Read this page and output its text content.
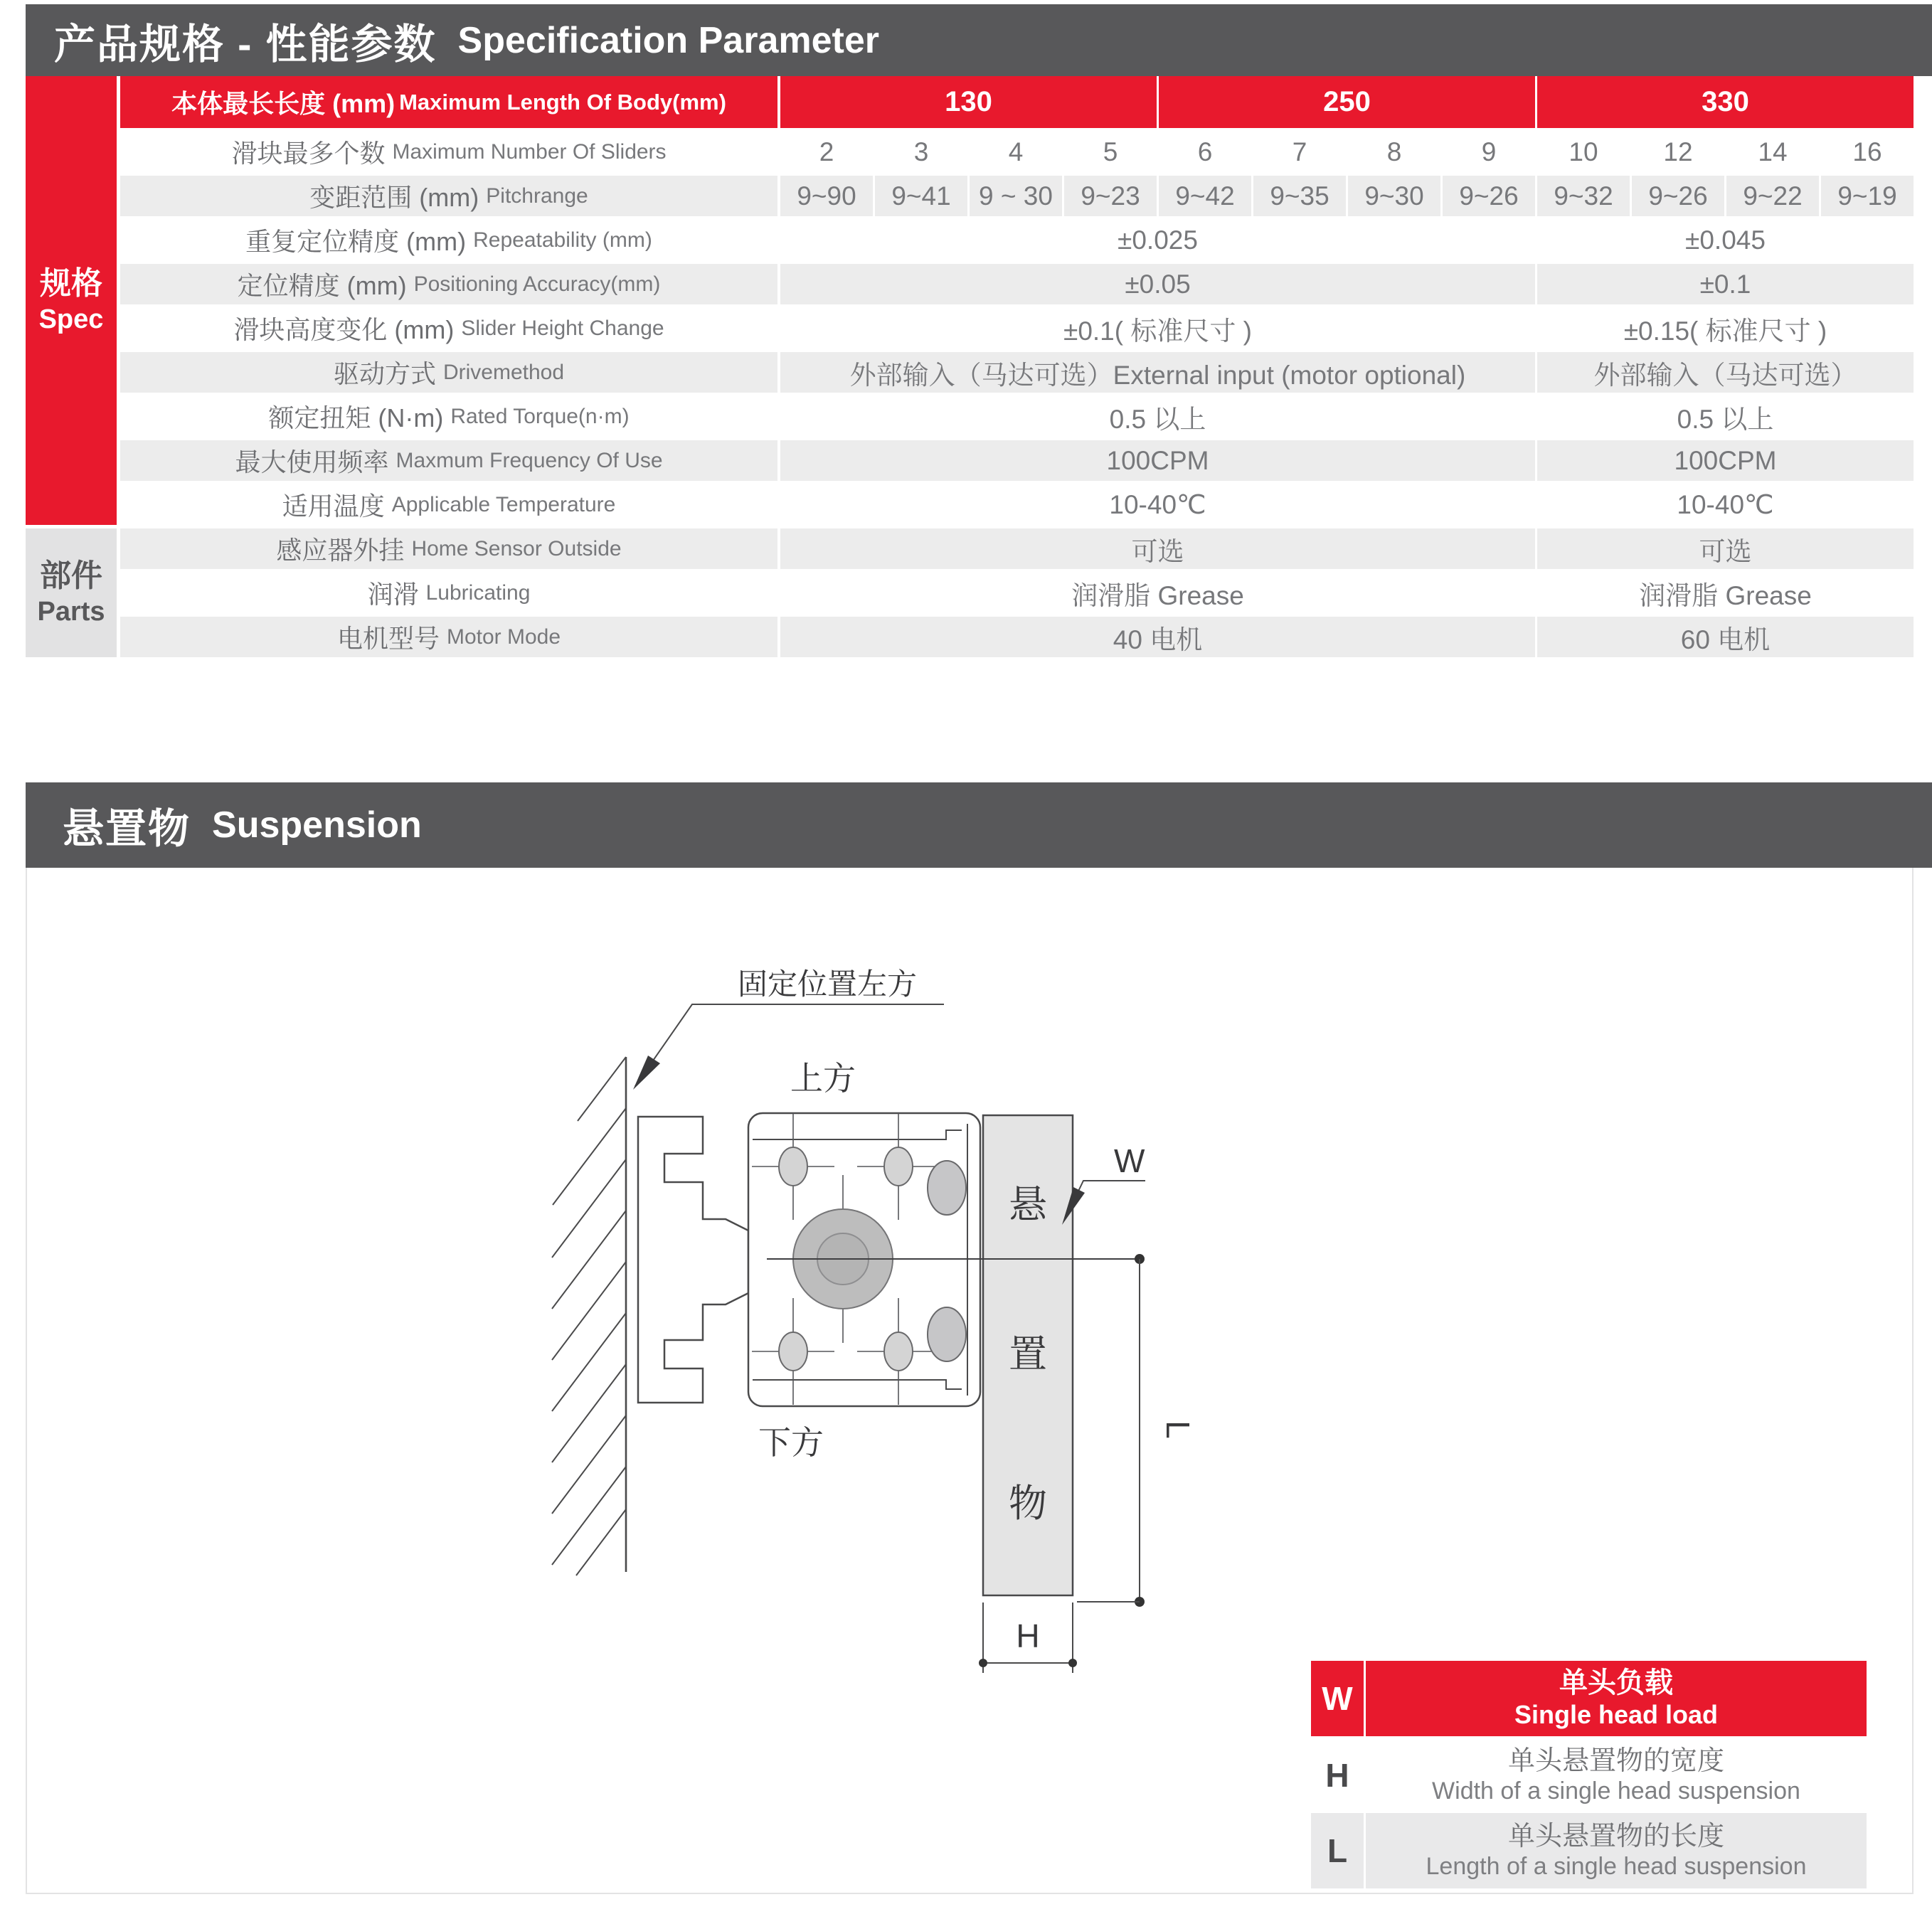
产品规格 - 性能参数 Specification Parameter
规格
Spec
部件
Parts
本体最长长度 (mm) Maximum Length Of Body(mm)	130	250	330
滑块最多个数 Maximum Number Of Sliders	2	3	4	5	6	7	8	9	10 12 14 16
变距范围 (mm) Pitchrange	9~90 9~41 9 ~ 30 9~23 9~42 9~35 9~30 9~26 9~32 9~26 9~22 9~19
重复定位精度 (mm) Repeatability (mm)	±0.025	±0.045
定位精度 (mm) Positioning Accuracy(mm)	±0.05	±0.1
滑块高度变化 (mm) Slider Height Change	±0.1( 标准尺寸 )	±0.15( 标准尺寸 )
驱动方式 Drivemethod	外部输入（马达可选）External input (motor optional)	外部输入（马达可选）
额定扭矩 (N·m) Rated Torque(n·m)	0.5 以上	0.5 以上
最大使用频率 Maxmum Frequency Of Use	100CPM	100CPM
适用温度 Applicable Temperature	10-40℃	10-40℃
感应器外挂 Home Sensor Outside	可选	可选
润滑 Lubricating	润滑脂 Grease	润滑脂 Grease
电机型号 Motor Mode	40 电机	60 电机
悬置物 Suspension
悬
置
物
固定位置左方
上方
下方
W
L
H
W	单头负载
Single head load
H	单头悬置物的宽度
Width of a single head suspension
L	单头悬置物的长度
Length of a single head suspension
